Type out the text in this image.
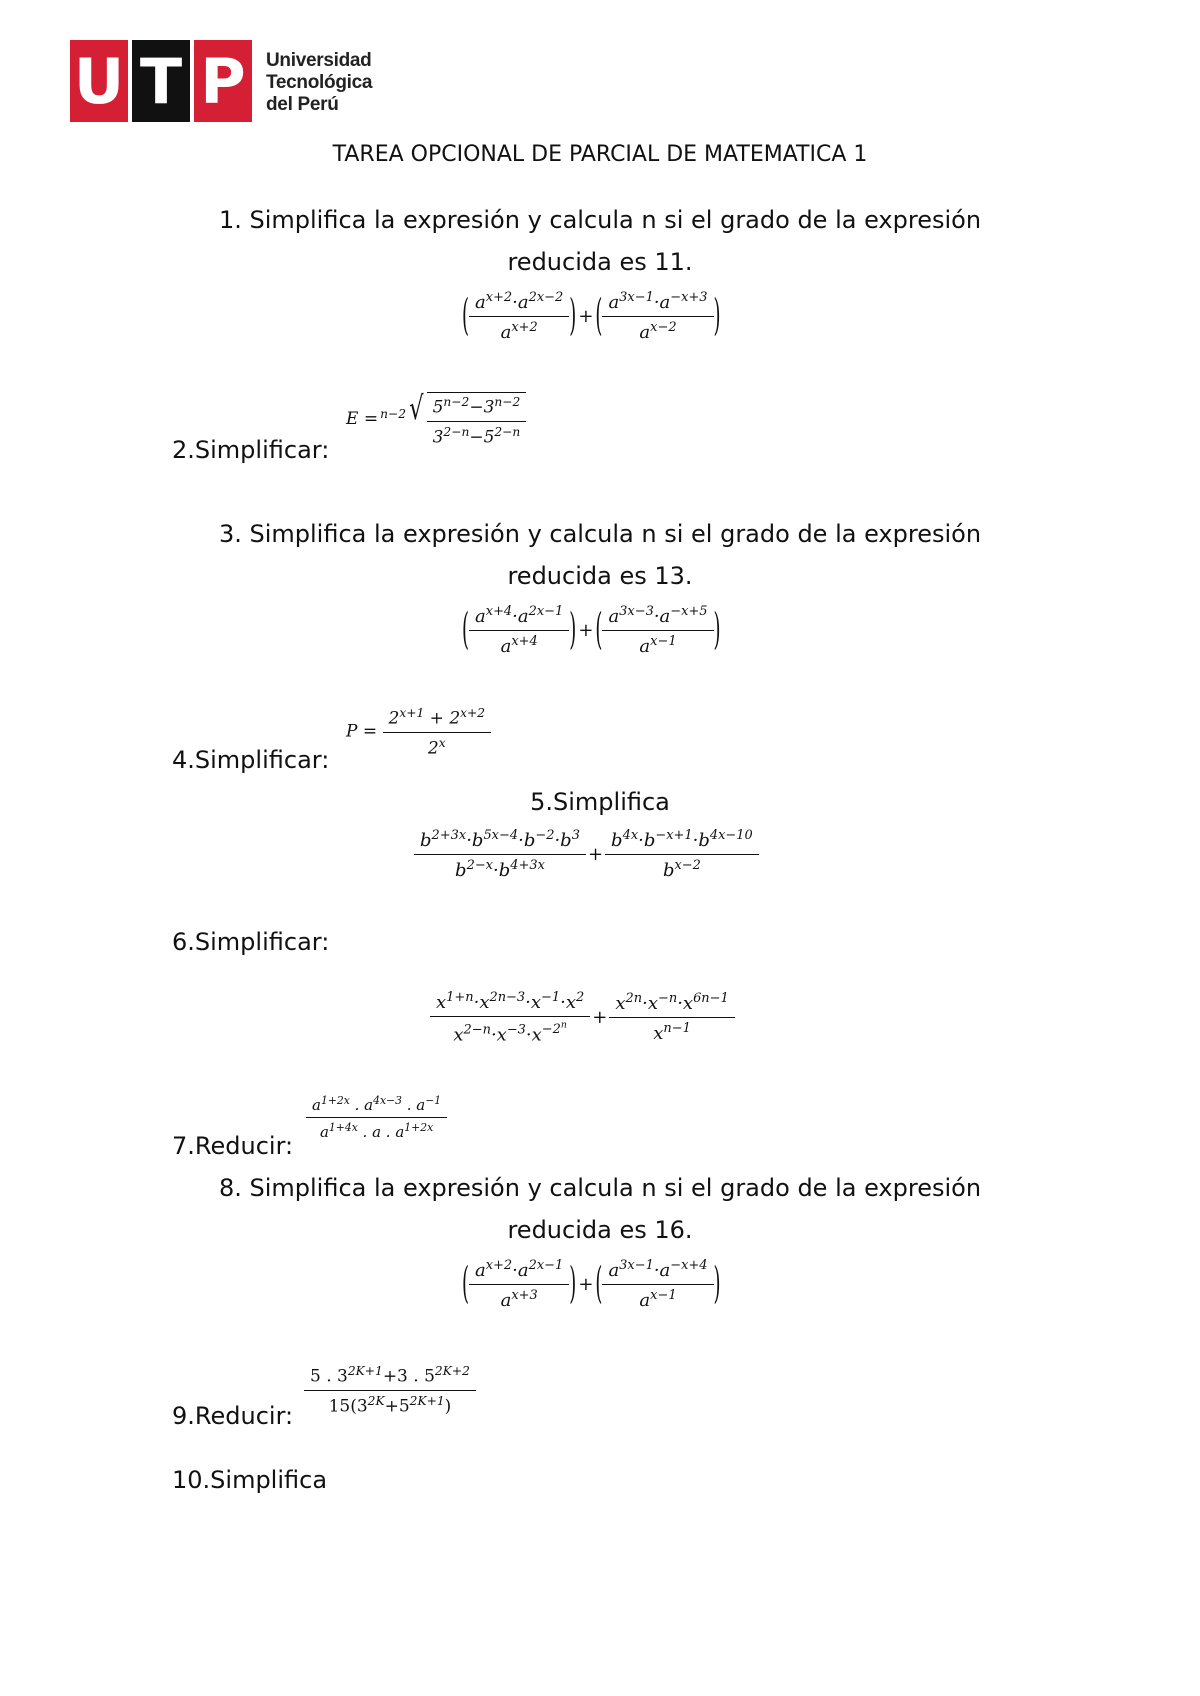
U T P Universidad
Tecnológica
del Perú
TAREA OPCIONAL DE PARCIAL DE MATEMATICA 1
1. Simplifica la expresión y calcula n si el grado de la expresión
reducida es 11.
( $\frac{a^{x+2}\cdot a^{2x-2}}{a^{x+2}}$ ) + ( $\frac{a^{3x-1}\cdot a^{-x+3}}{a^{x-2}}$ )
2.Simplificar:
E = $^{n-2}$ √ $\frac{5^{n-2}-3^{n-2}}{3^{2-n}-5^{2-n}}$
3. Simplifica la expresión y calcula n si el grado de la expresión
reducida es 13.
( $\frac{a^{x+4}\cdot a^{2x-1}}{a^{x+4}}$ ) + ( $\frac{a^{3x-3}\cdot a^{-x+5}}{a^{x-1}}$ )
4.Simplificar:
$P = \frac{2^{x+1} + 2^{x+2}}{2^x}$
5.Simplifica
$\frac{b^{2+3x}\cdot b^{5x-4}\cdot b^{-2}\cdot b^3}{b^{2-x}\cdot b^{4+3x}} + \frac{b^{4x}\cdot b^{-x+1}\cdot b^{4x-10}}{b^{x-2}}$
6.Simplificar:
$\frac{x^{1+n}\cdot x^{2n-3}\cdot x^{-1}\cdot x^2}{x^{2-n}\cdot x^{-3}\cdot x^{-2^n}} + \frac{x^{2n}\cdot x^{-n}\cdot x^{6n-1}}{x^{n-1}}$
7.Reducir:
$\frac{a^{1+2x} . a^{4x-3} . a^{-1}}{a^{1+4x} . a . a^{1+2x}}$
8. Simplifica la expresión y calcula n si el grado de la expresión
reducida es 16.
( $\frac{a^{x+2}\cdot a^{2x-1}}{a^{x+3}}$ ) + ( $\frac{a^{3x-1}\cdot a^{-x+4}}{a^{x-1}}$ )
9.Reducir: $\frac{5 . 3^{2K+1}+3 . 5^{2K+2}}{15(3^{2K}+5^{2K+1})}$
10.Simplifica
